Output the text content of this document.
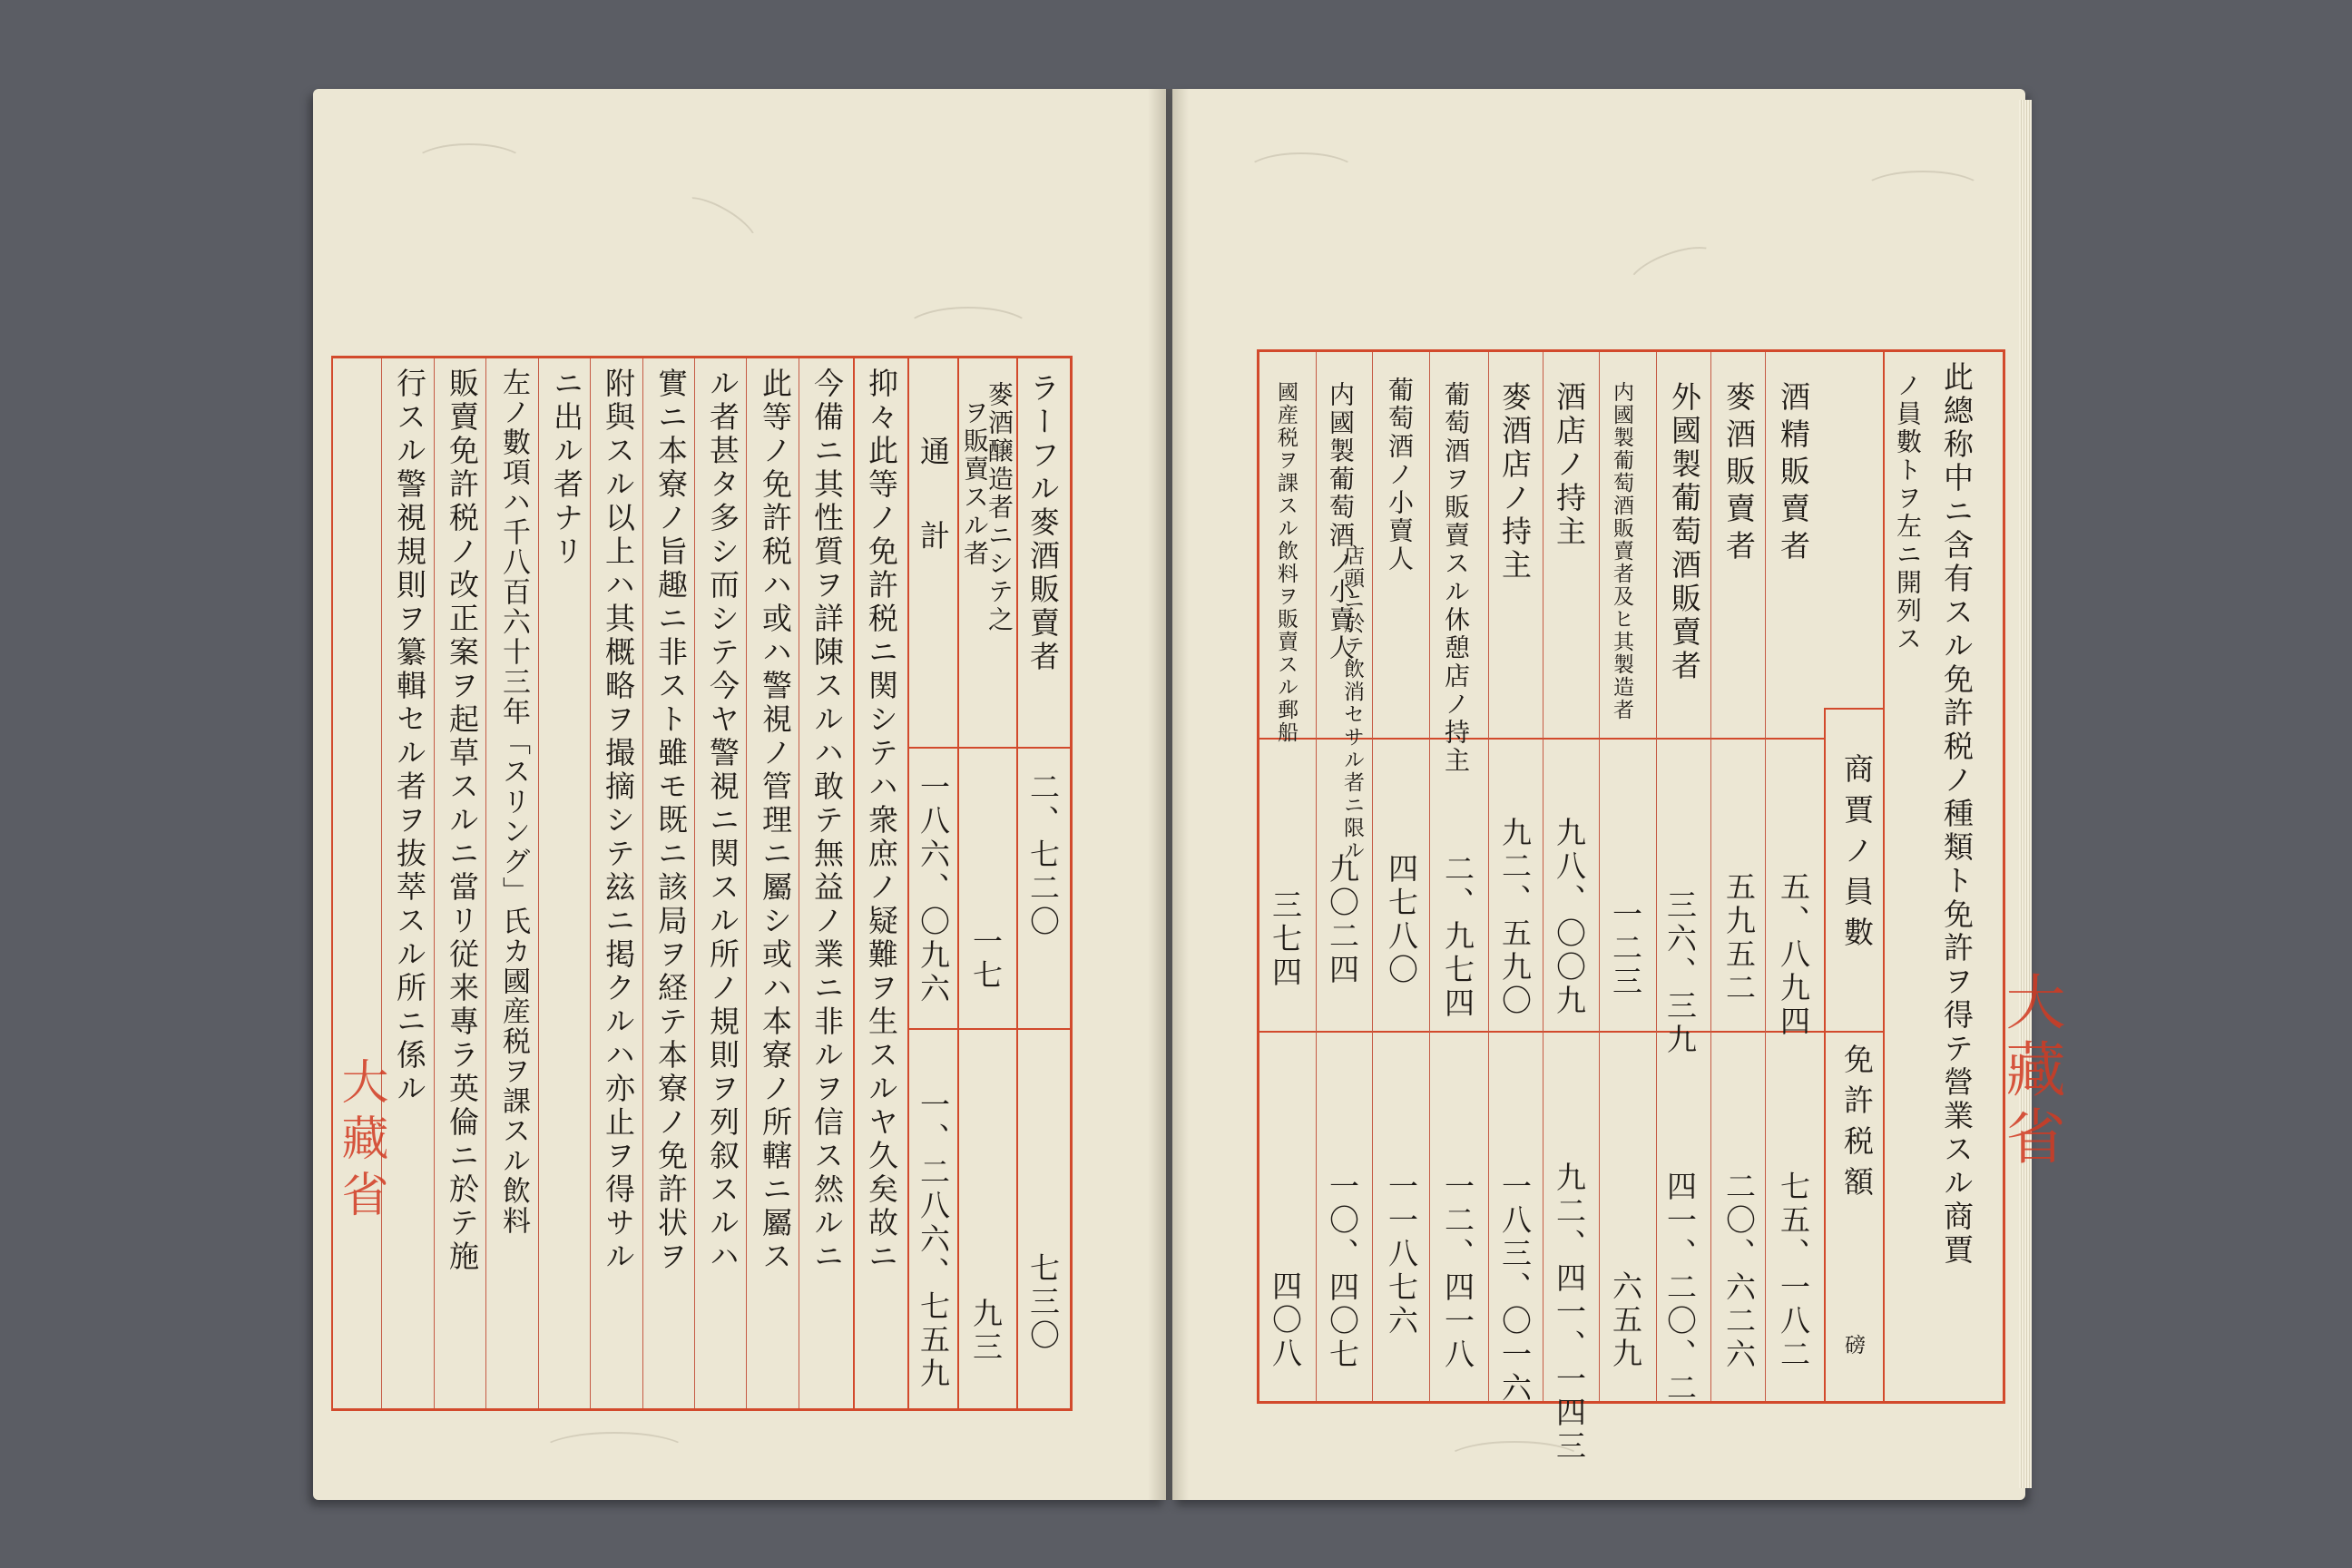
ラーフル麥酒販賣者
二、七二〇
七三〇
麥酒醸造者ニシテ之
ヲ販賣スル者
一七
九三
通計
一八六、〇九六
一、二八六、七五九
抑々此等ノ免許税ニ関シテハ衆庶ノ疑難ヲ生スルヤ久矣故ニ
今備ニ其性質ヲ詳陳スルハ敢テ無益ノ業ニ非ルヲ信ス然ルニ
此等ノ免許税ハ或ハ警視ノ管理ニ屬シ或ハ本寮ノ所轄ニ屬ス
ル者甚タ多シ而シテ今ヤ警視ニ関スル所ノ規則ヲ列叙スルハ
實ニ本寮ノ旨趣ニ非スト雖モ既ニ該局ヲ経テ本寮ノ免許状ヲ
附與スル以上ハ其概略ヲ撮摘シテ玆ニ掲クルハ亦止ヲ得サル
ニ出ル者ナリ
左ノ數項ハ千八百六十三年「スリング」氏カ國産税ヲ課スル飲料
販賣免許税ノ改正案ヲ起草スルニ當リ従来專ラ英倫ニ於テ施
行スル警視規則ヲ纂輯セル者ヲ抜萃スル所ニ係ル
大藏省	此總称中ニ含有スル免許税ノ種類ト免許ヲ得テ營業スル商賈
ノ員數トヲ左ニ開列ス
商賈ノ員數
免許税額
磅
酒精販賣者
五、八九四
七五、一八二
麥酒販賣者
五九五二
二〇、六二六
外國製葡萄酒販賣者
内國製葡萄酒販賣者及ヒ其製造者
三六、三九
四一、二〇、二
一二三
六五九
酒店ノ持主
九八、〇〇九
九二、四一、一四三
麥酒店ノ持主
九二、五九〇
一八三、〇一六
葡萄酒ヲ販賣スル休憩店ノ持主
二、九七四
一二、四一八
葡萄酒ノ小賣人
店頭ニ於テ飲消セサル者ニ限ル
四七八〇
一一八七六
内國製葡萄酒ノ小賣人
九〇二四
一〇、四〇七
國産税ヲ課スル飲料ヲ販賣スル郵船
三七四
四〇八
大藏省
